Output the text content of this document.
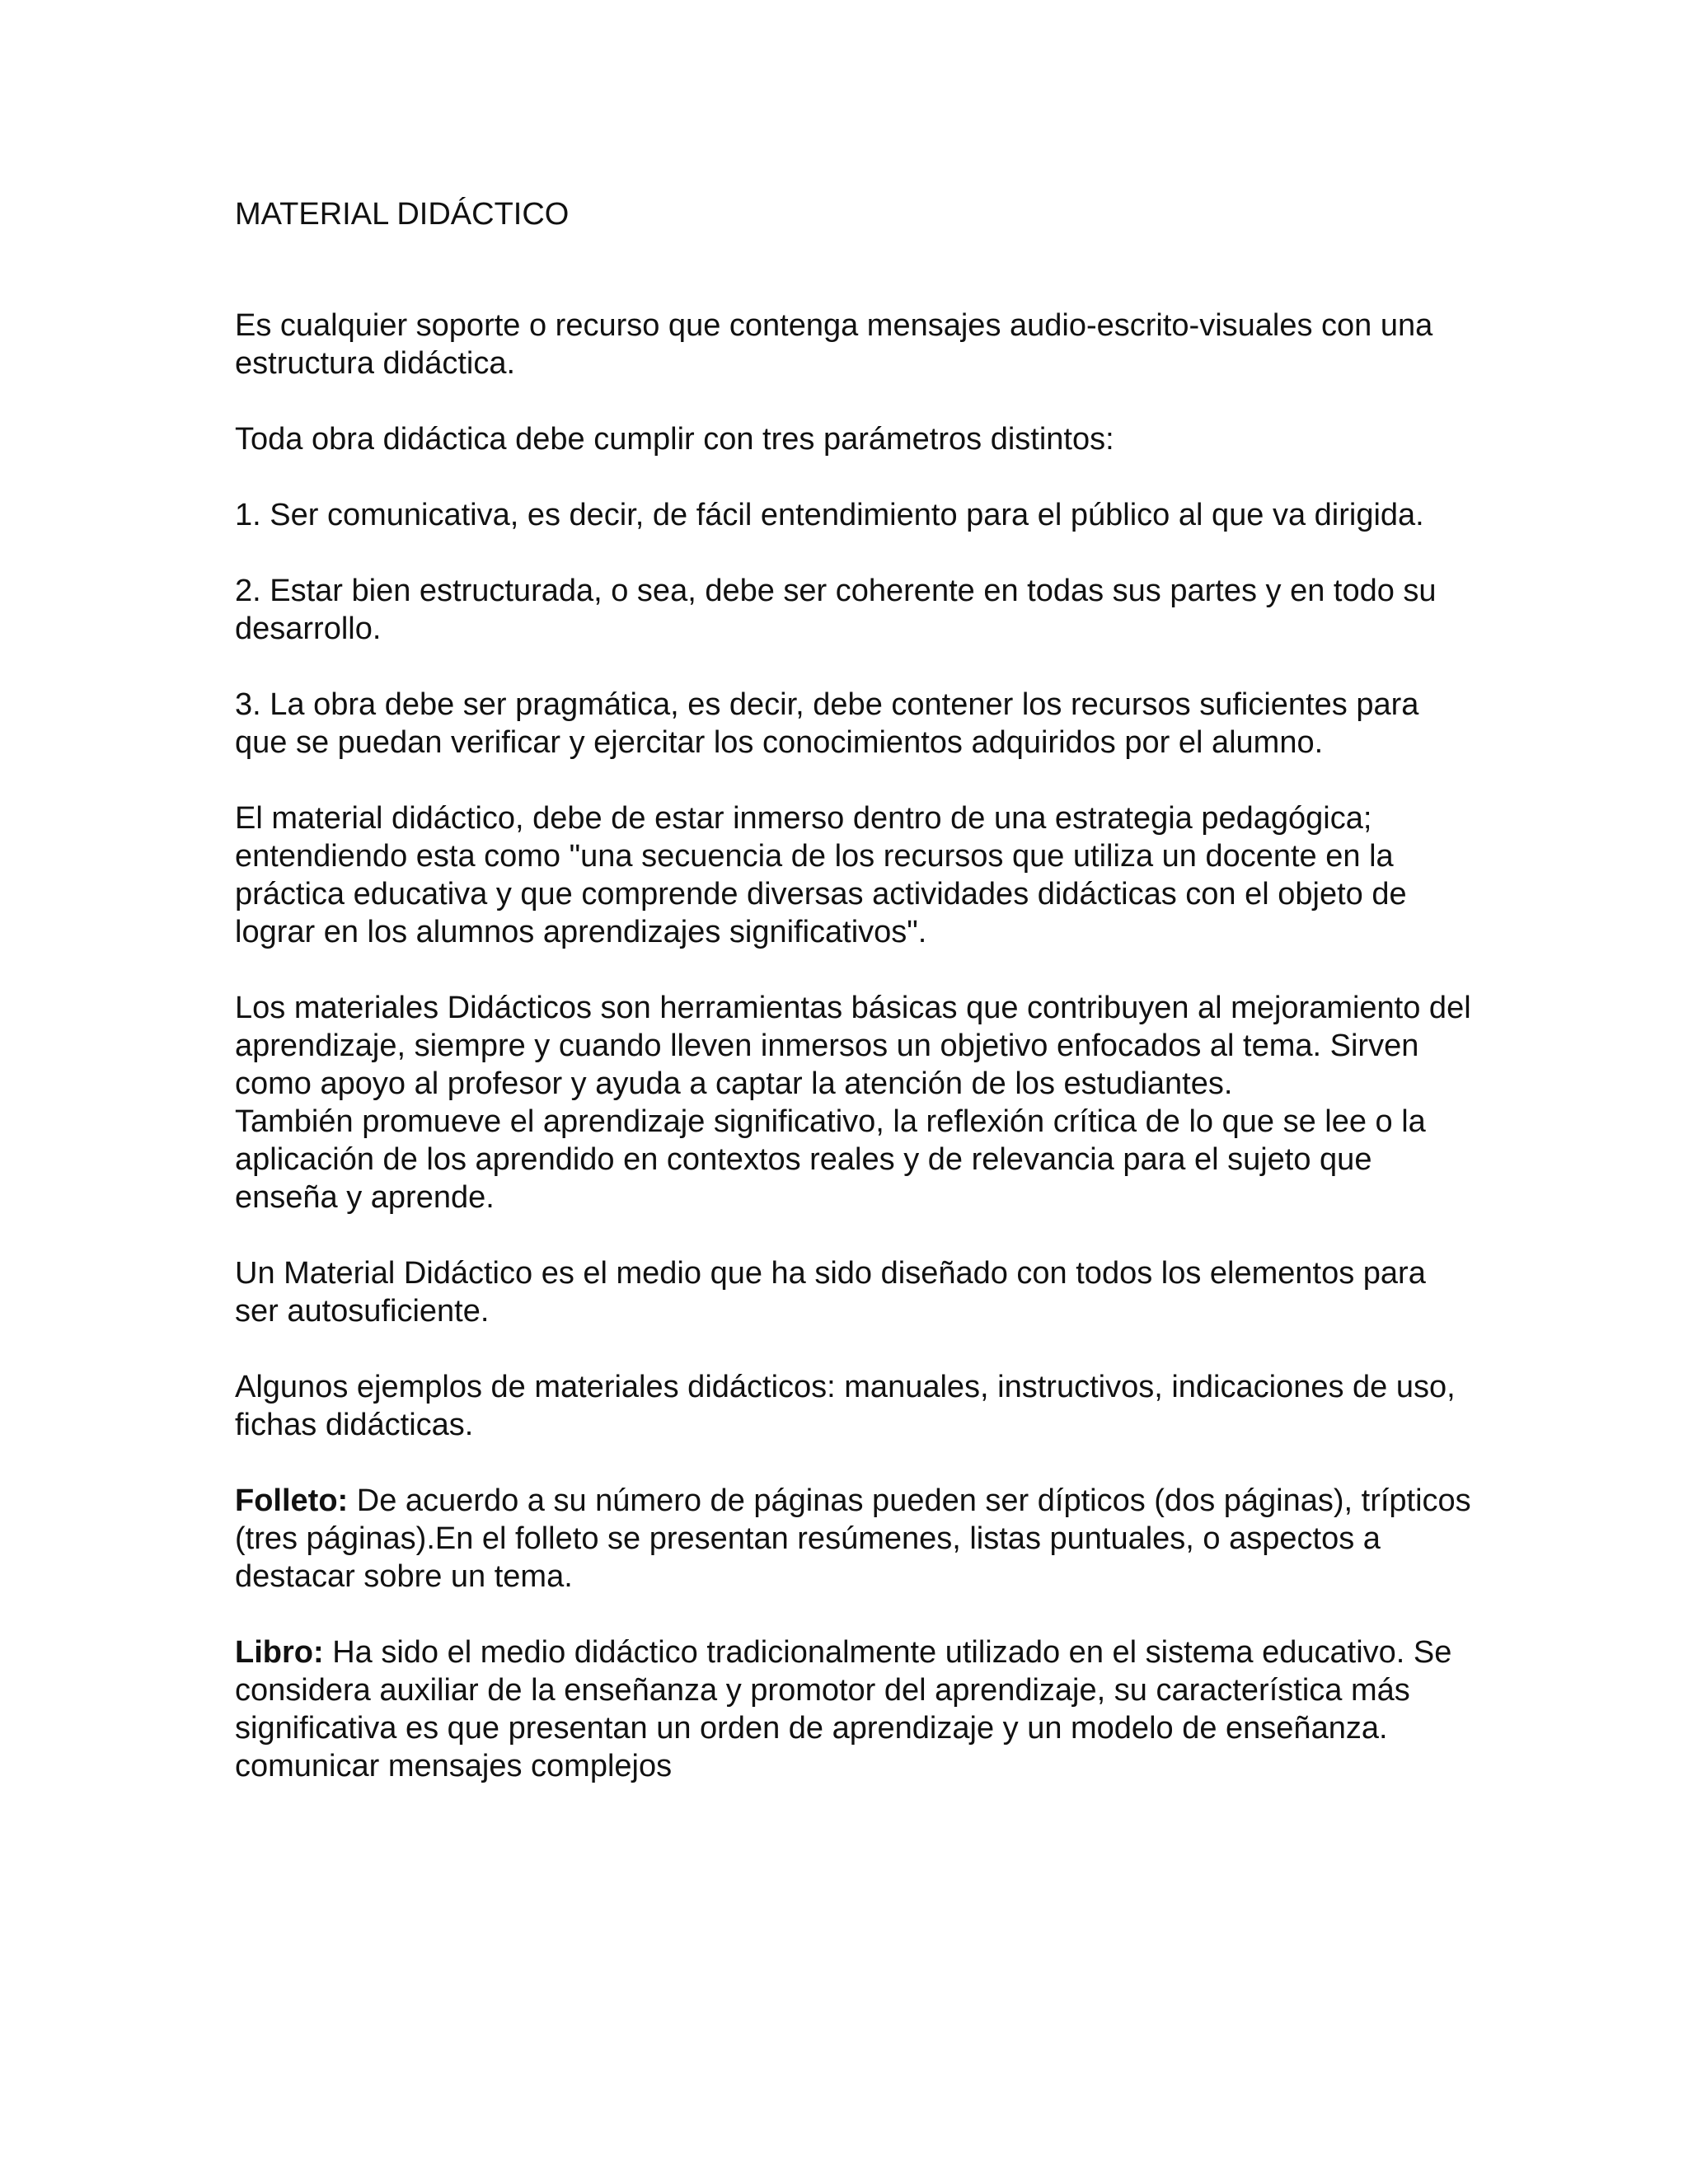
MATERIAL DIDÁCTICO

Es cualquier soporte o recurso que contenga mensajes audio-escrito-visuales con una estructura didáctica.

Toda obra didáctica debe cumplir con tres parámetros distintos:

1. Ser comunicativa, es decir, de fácil entendimiento para el público al que va dirigida.

2. Estar bien estructurada, o sea, debe ser coherente en todas sus partes y en todo su desarrollo.

3. La obra debe ser pragmática, es decir, debe contener los recursos suficientes para que se puedan verificar y ejercitar los conocimientos adquiridos por el alumno.

El material didáctico, debe de estar inmerso dentro de una estrategia pedagógica; entendiendo esta como "una secuencia de los recursos que utiliza un docente en la práctica educativa y que comprende diversas actividades didácticas con el objeto de lograr en los alumnos aprendizajes significativos".

Los materiales Didácticos son herramientas básicas que contribuyen al mejoramiento del aprendizaje, siempre y cuando lleven inmersos un objetivo enfocados al tema. Sirven como apoyo al profesor y ayuda a captar la atención de los estudiantes.

También promueve el aprendizaje significativo, la reflexión crítica de lo que se lee o la aplicación de los aprendido en contextos reales y de relevancia para el sujeto que enseña y aprende.

Un Material Didáctico es el medio que ha sido diseñado con todos los elementos para ser autosuficiente.

Algunos ejemplos de materiales didácticos: manuales, instructivos, indicaciones de uso, fichas didácticas.

Folleto: De acuerdo a su número de páginas pueden ser dípticos (dos páginas), trípticos (tres páginas).En el folleto se presentan resúmenes, listas puntuales, o aspectos a destacar sobre un tema.

Libro: Ha sido el medio didáctico tradicionalmente utilizado en el sistema educativo. Se considera auxiliar de la enseñanza y promotor del aprendizaje, su característica más significativa es que presentan un orden de aprendizaje y un modelo de enseñanza. comunicar mensajes complejos
